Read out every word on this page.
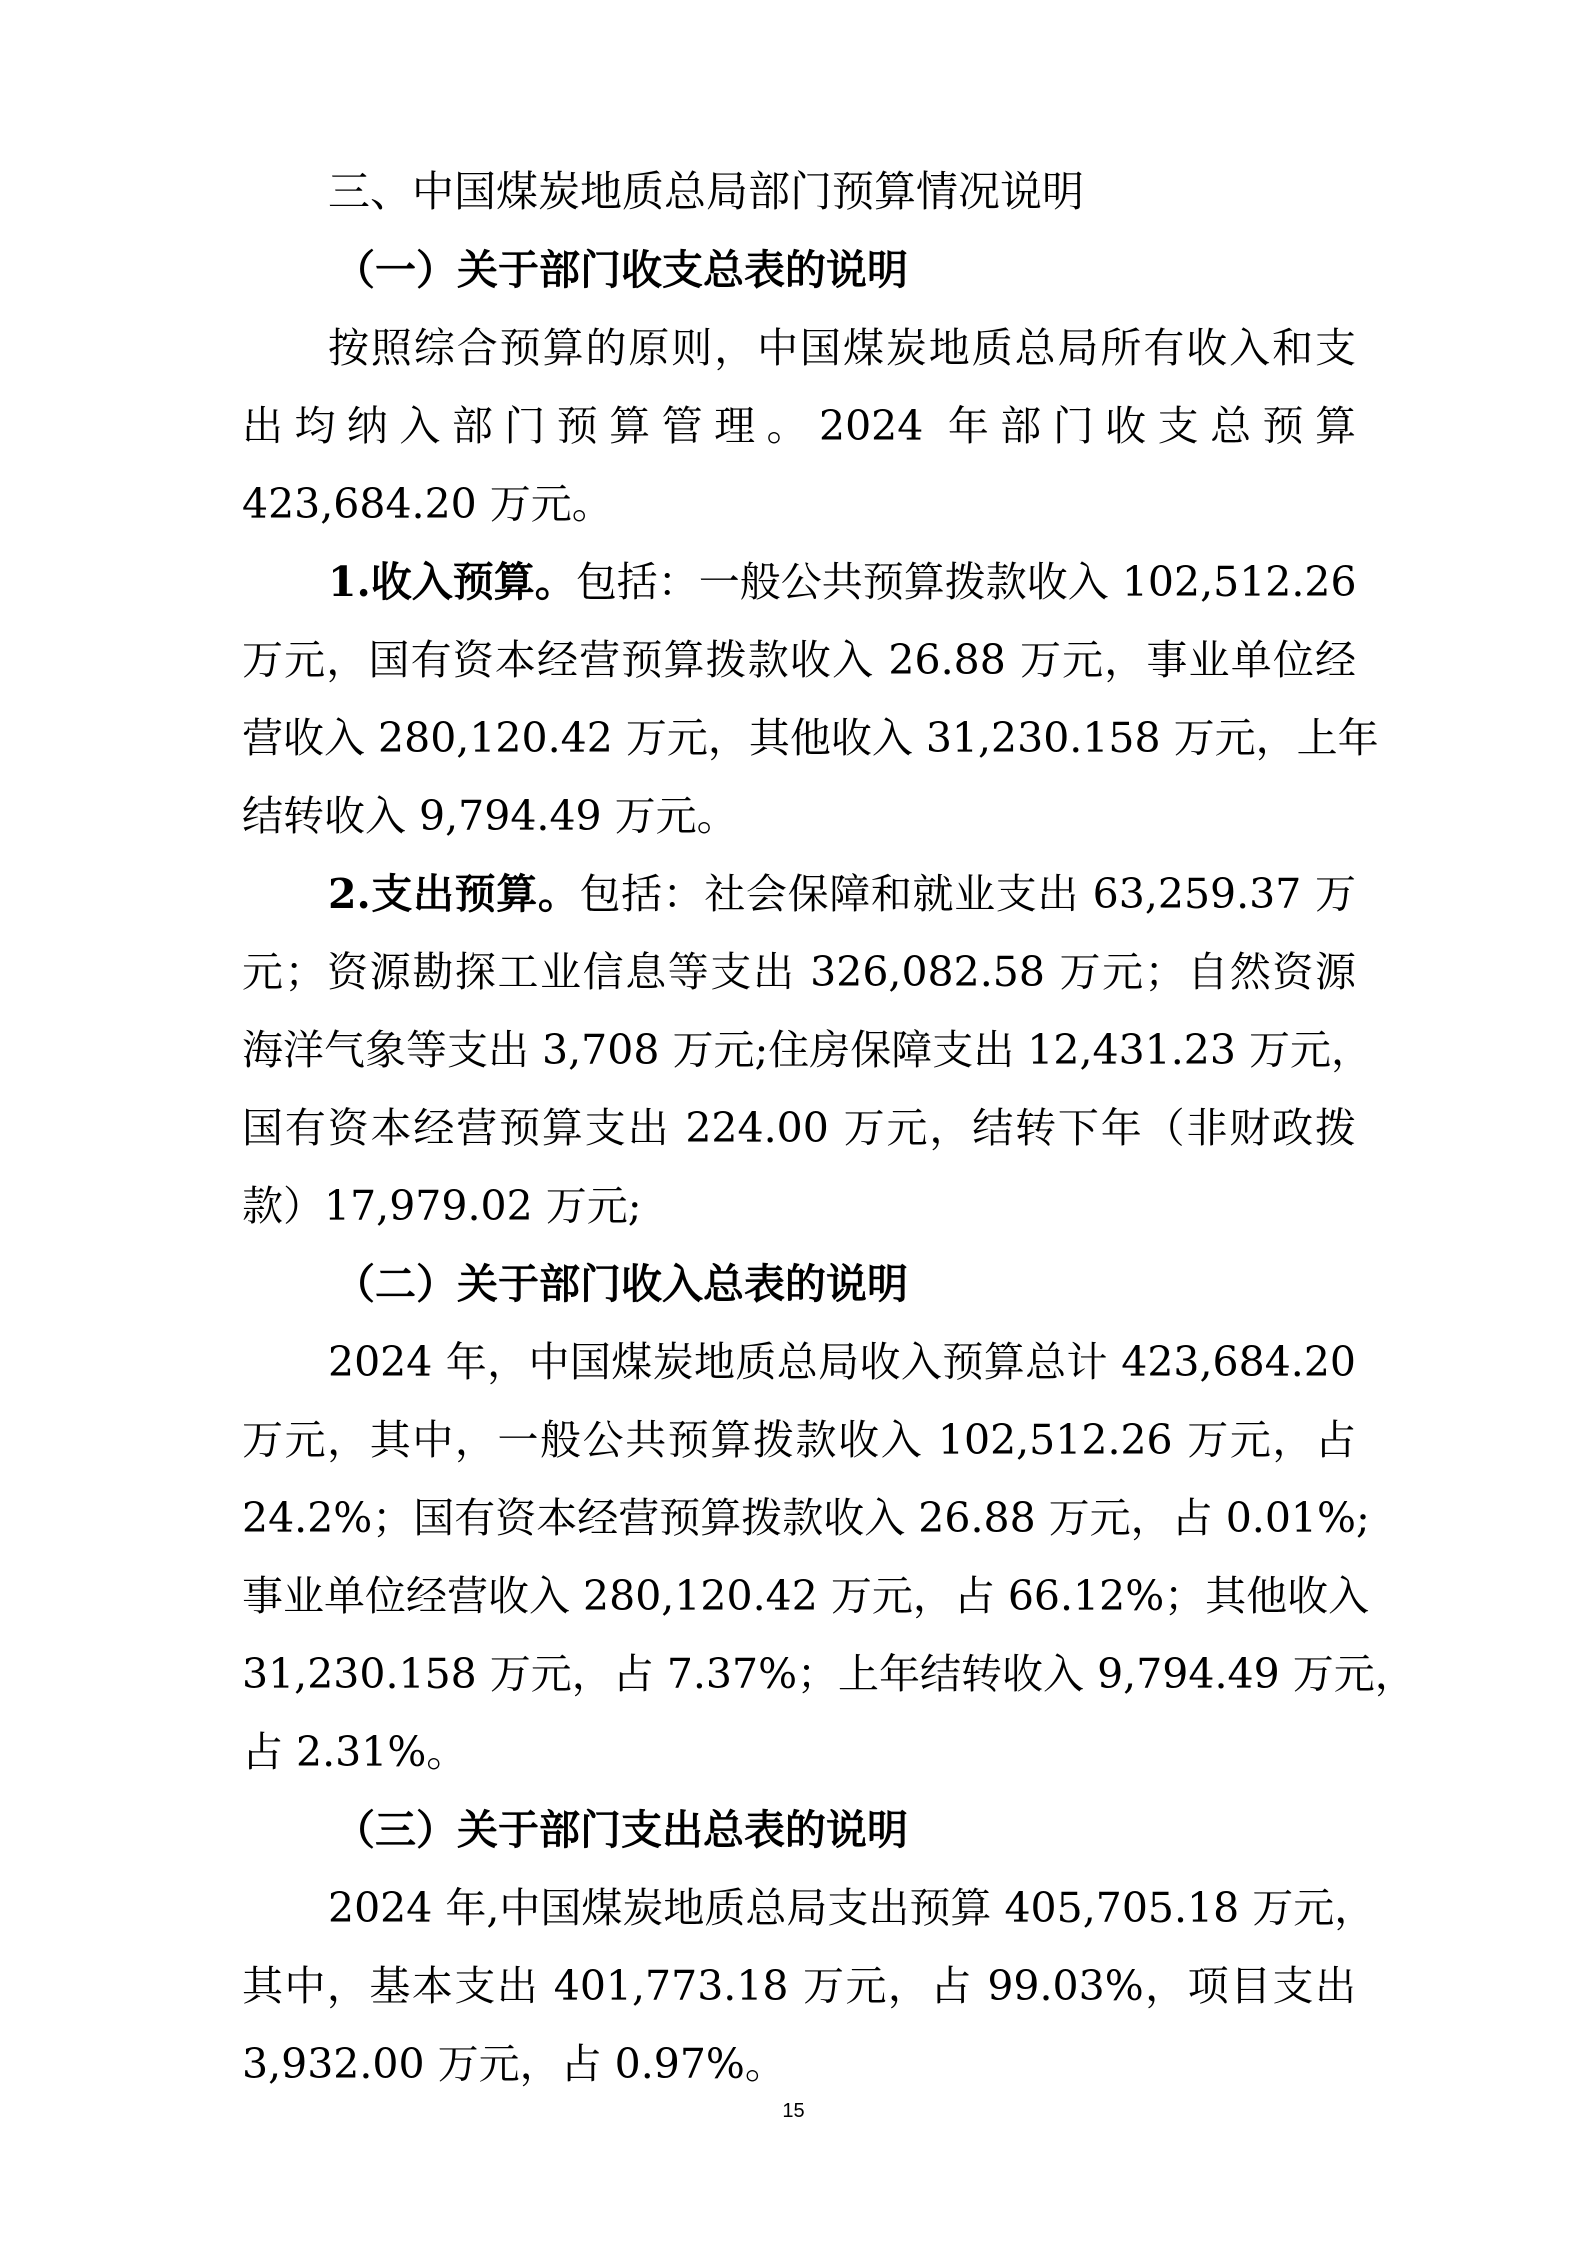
三、中国煤炭地质总局部门预算情况说明
（一）关于部门收支总表的说明
按照综合预算的原则，中国煤炭地质总局所有收入和支
出均纳入部门预算管理。2024 年部门收支总预算
423,684.20 万元。
1.收入预算。包括：一般公共预算拨款收入 102,512.26
万元，国有资本经营预算拨款收入 26.88 万元，事业单位经
营收入 280,120.42 万元，其他收入 31,230.158 万元，上年
结转收入 9,794.49 万元。
2.支出预算。包括：社会保障和就业支出 63,259.37 万
元；资源勘探工业信息等支出 326,082.58 万元；自然资源
海洋气象等支出 3,708 万元;住房保障支出 12,431.23 万元，
国有资本经营预算支出 224.00 万元，结转下年（非财政拨
款）17,979.02 万元;
（二）关于部门收入总表的说明
2024 年，中国煤炭地质总局收入预算总计 423,684.20
万元，其中，一般公共预算拨款收入 102,512.26 万元，占
24.2%；国有资本经营预算拨款收入 26.88 万元，占 0.01%;
事业单位经营收入 280,120.42 万元，占 66.12%；其他收入
31,230.158 万元，占 7.37%；上年结转收入 9,794.49 万元，
占 2.31%。
（三）关于部门支出总表的说明
2024 年,中国煤炭地质总局支出预算 405,705.18 万元，
其中，基本支出 401,773.18 万元，占 99.03%，项目支出
3,932.00 万元，占 0.97%。
15
